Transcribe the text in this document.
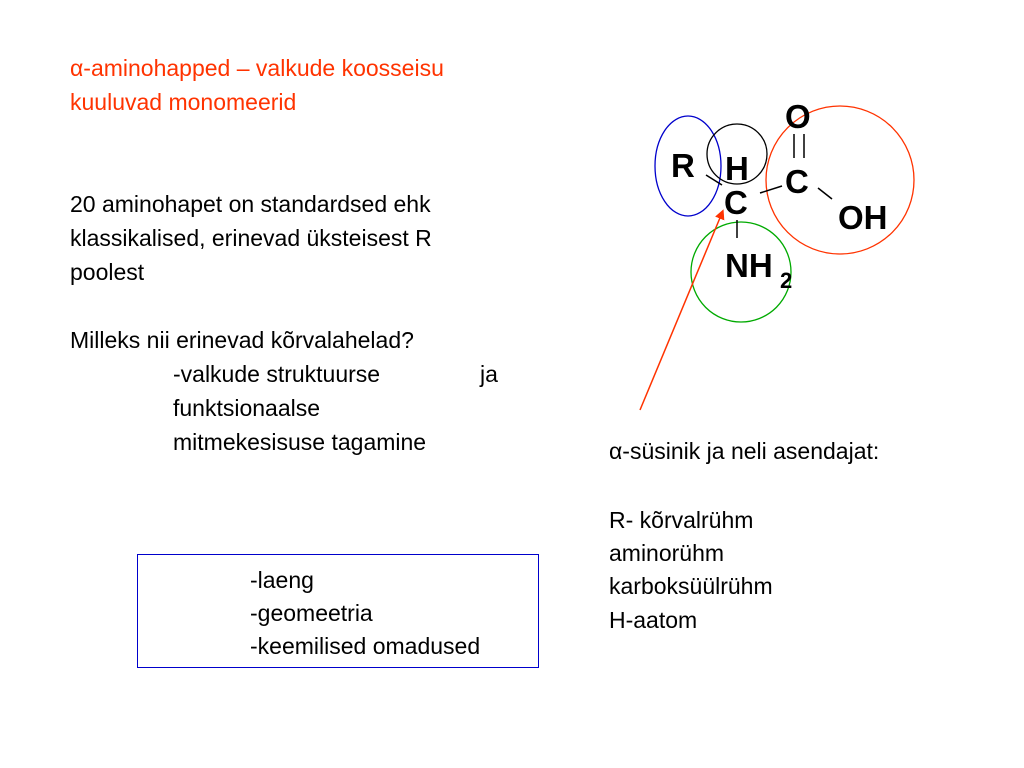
α-aminohapped – valkude koosseisu
kuuluvad monomeerid
20 aminohapet on standardsed ehk
klassikalised, erinevad üksteisest R
poolest
Milleks nii erinevad kõrvalahelad?
-valkude struktuurse	ja
funktsionaalse
mitmekesisuse tagamine
-laeng
-geomeetria
-keemilised omadused
α-süsinik ja neli asendajat:
R- kõrvalrühm
aminorühm
karboksüülrühm
H-aatom
O
R H C
C	OH
NH 2
